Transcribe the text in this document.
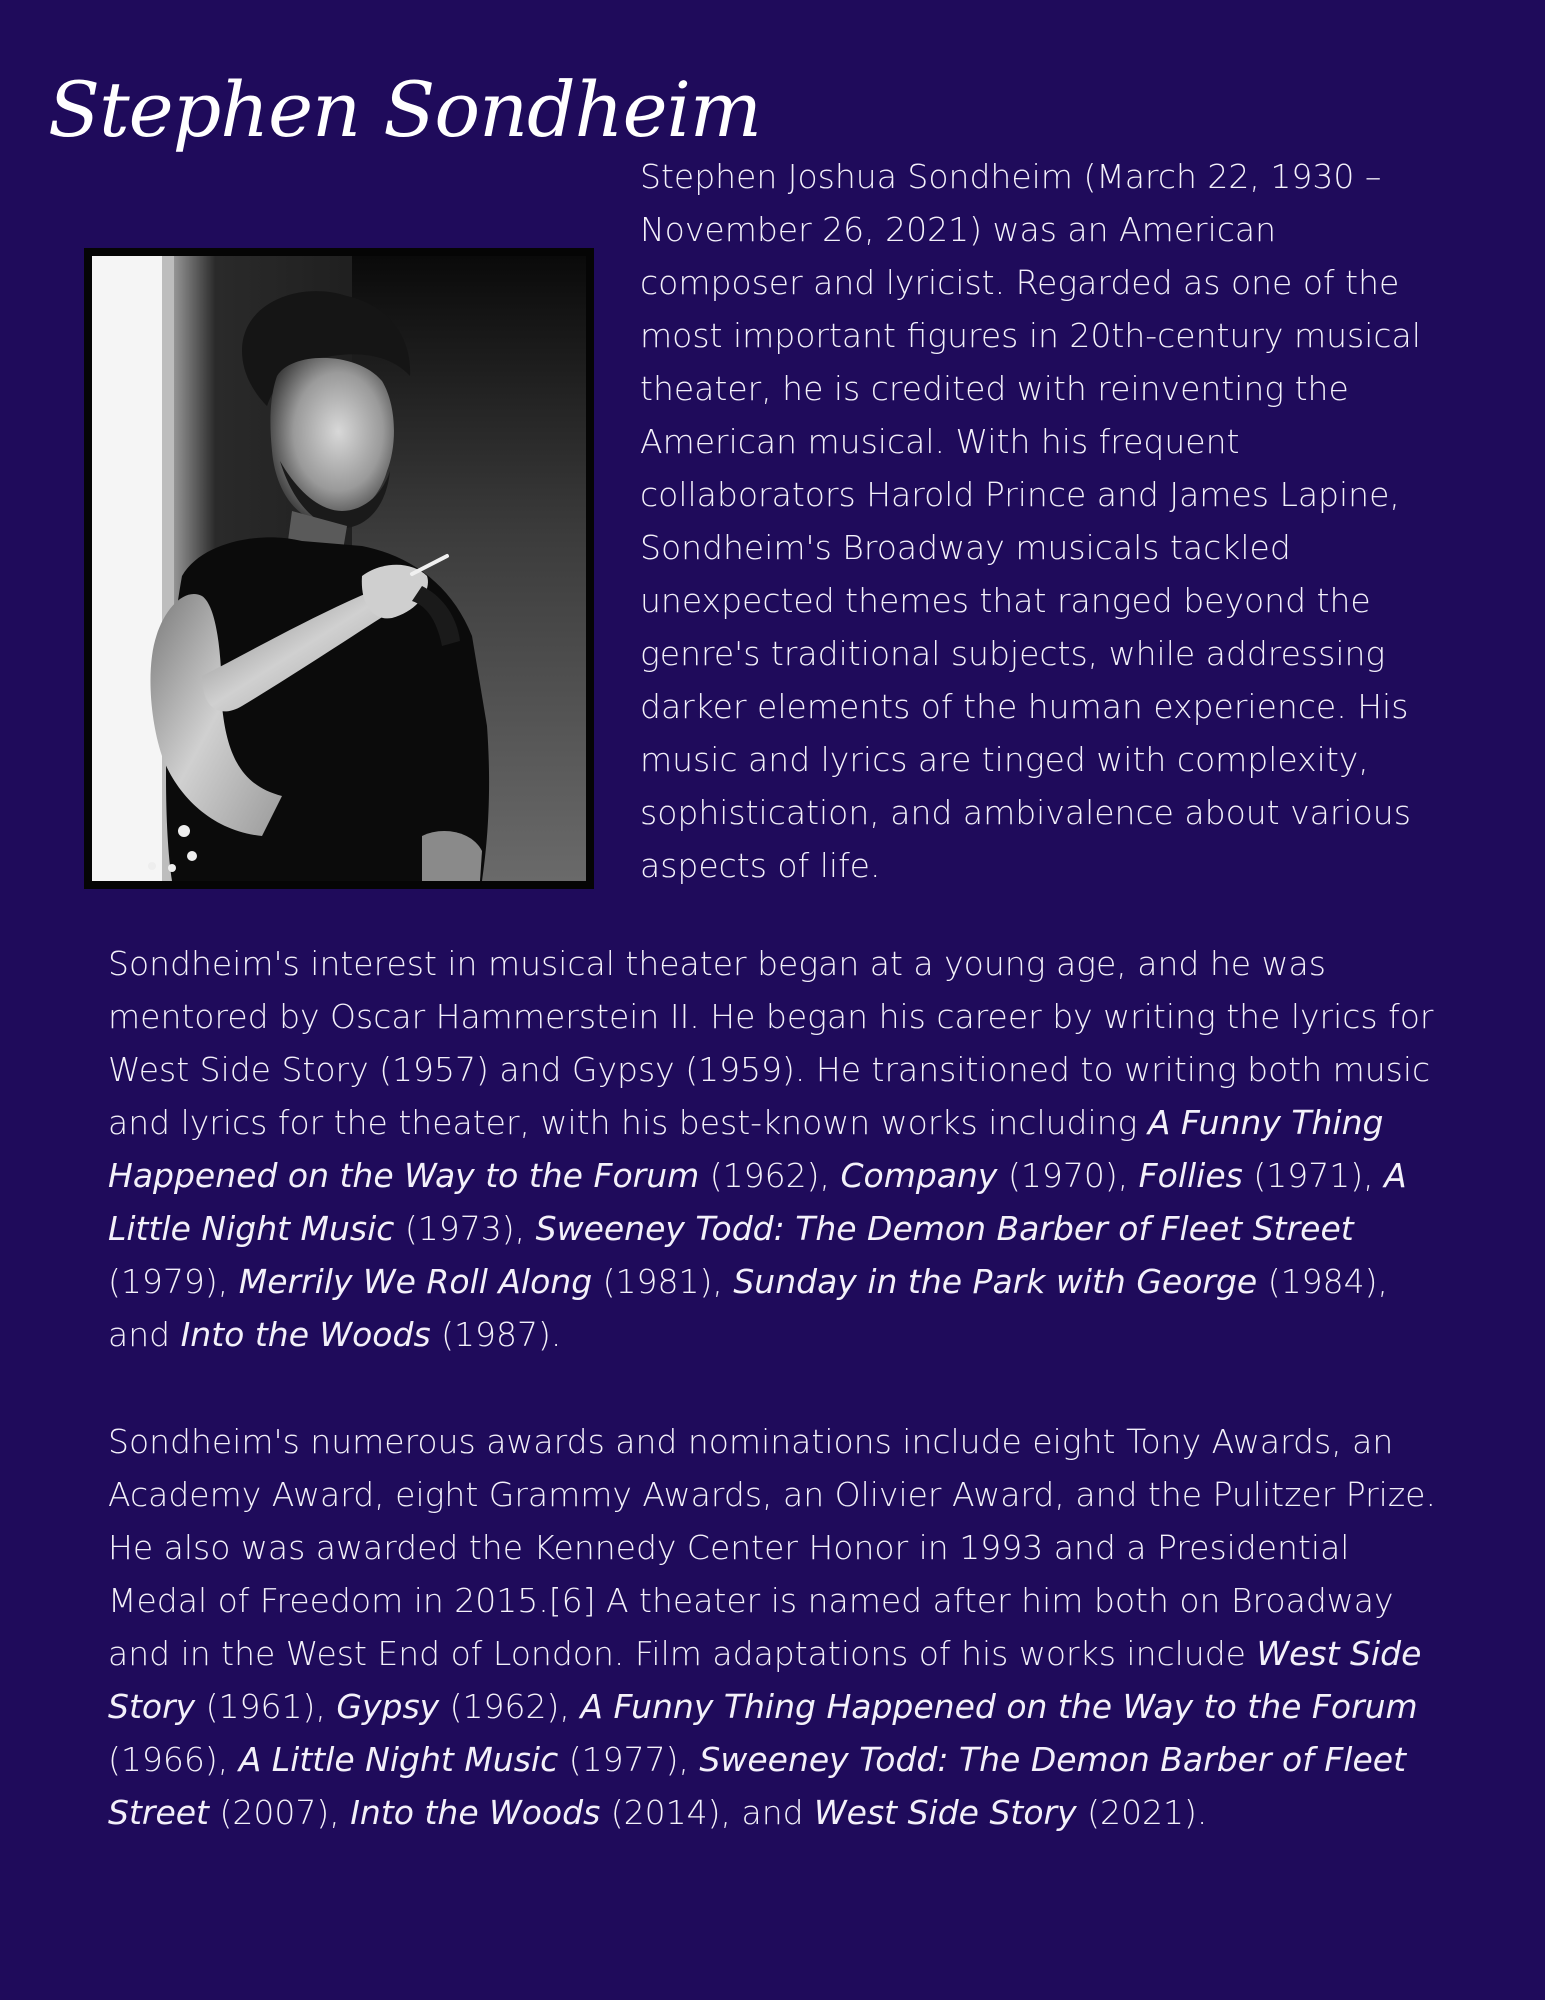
Stephen Sondheim

Stephen Joshua Sondheim (March 22, 1930 – November 26, 2021) was an American composer and lyricist. Regarded as one of the most important figures in 20th-century musical theater, he is credited with reinventing the American musical. With his frequent collaborators Harold Prince and James Lapine, Sondheim's Broadway musicals tackled unexpected themes that ranged beyond the genre's traditional subjects, while addressing darker elements of the human experience. His music and lyrics are tinged with complexity, sophistication, and ambivalence about various aspects of life.

Sondheim's interest in musical theater began at a young age, and he was mentored by Oscar Hammerstein II. He began his career by writing the lyrics for West Side Story (1957) and Gypsy (1959). He transitioned to writing both music and lyrics for the theater, with his best-known works including A Funny Thing Happened on the Way to the Forum (1962), Company (1970), Follies (1971), A Little Night Music (1973), Sweeney Todd: The Demon Barber of Fleet Street (1979), Merrily We Roll Along (1981), Sunday in the Park with George (1984), and Into the Woods (1987).

Sondheim's numerous awards and nominations include eight Tony Awards, an Academy Award, eight Grammy Awards, an Olivier Award, and the Pulitzer Prize. He also was awarded the Kennedy Center Honor in 1993 and a Presidential Medal of Freedom in 2015.[6] A theater is named after him both on Broadway and in the West End of London. Film adaptations of his works include West Side Story (1961), Gypsy (1962), A Funny Thing Happened on the Way to the Forum (1966), A Little Night Music (1977), Sweeney Todd: The Demon Barber of Fleet Street (2007), Into the Woods (2014), and West Side Story (2021).
